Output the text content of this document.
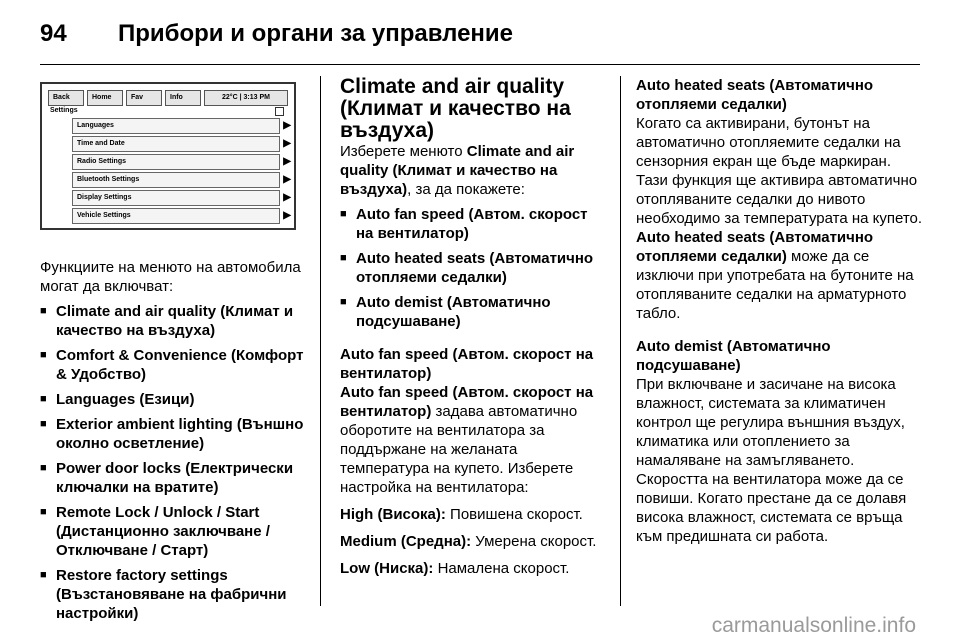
94	Прибори и органи за управление
Back	Home	Fav	Info	22°C | 3:13 PM
Settings
Languages	▶
Time and Date	▶
Radio Settings	▶
Bluetooth Settings	▶
Display Settings	▶
Vehicle Settings	▶

Функциите на менюто на автомобила могат да включват:

■ Climate and air quality (Климат и качество на въздуха)
■ Comfort & Convenience (Комфорт & Удобство)
■ Languages (Езици)
■ Exterior ambient lighting (Външно околно осветление)
■ Power door locks (Електрически ключалки на вратите)
■ Remote Lock / Unlock / Start (Дистанционно заключване / Отключване / Старт)
■ Restore factory settings (Възстановяване на фабрични настройки)
Climate and air quality (Климат и качество на въздуха)

Изберете менюто Climate and air quality (Климат и качество на въздуха), за да покажете:

■ Auto fan speed (Автом. скорост на вентилатор)
■ Auto heated seats (Автоматично отопляеми седалки)
■ Auto demist (Автоматично подсушаване)
Auto fan speed (Автом. скорост на вентилатор)

Auto fan speed (Автом. скорост на вентилатор) задава автоматично оборотите на вентилатора за поддържане на желаната температура на купето. Изберете настройка на вентилатора:

High (Висока): Повишена скорост.

Medium (Средна): Умерена скорост.

Low (Ниска): Намалена скорост.

Auto heated seats (Автоматично отопляеми седалки)

Когато са активирани, бутонът на автоматично отопляемите седалки на сензорния екран ще бъде маркиран. Тази функция ще активира автоматично отопляваните седалки до нивото необходимо за температурата на купето. Auto heated seats (Автоматично отопляеми седалки) може да се изключи при употребата на бутоните на отопляваните седалки на арматурното табло.

Auto demist (Автоматично подсушаване)

При включване и засичане на висока влажност, системата за климатичен контрол ще регулира външния въздух, климатика или отоплението за намаляване на замъгляването. Скоростта на вентилатора може да се повиши. Когато престане да се долавя висока влажност, системата се връща към предишната си работа.

carmanualsonline.info
